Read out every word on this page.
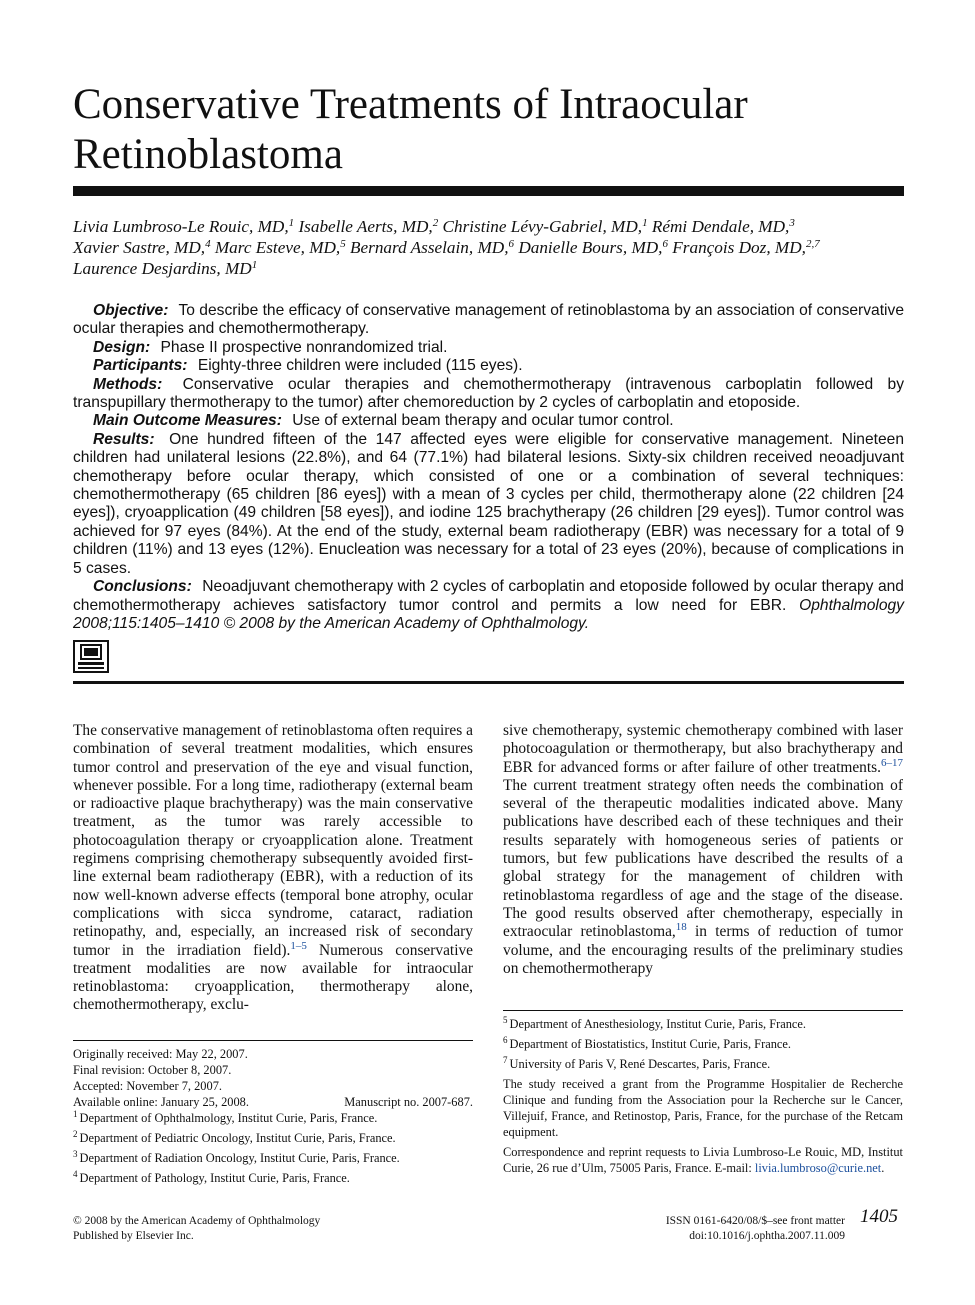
Conservative Treatments of Intraocular Retinoblastoma
Livia Lumbroso-Le Rouic, MD,$^1$ Isabelle Aerts, MD,$^2$ Christine Lévy-Gabriel, MD,$^1$ Rémi Dendale, MD,$^3$
Xavier Sastre, MD,$^4$ Marc Esteve, MD,$^5$ Bernard Asselain, MD,$^6$ Danielle Bours, MD,$^6$ François Doz, MD,$^{2,7}$
Laurence Desjardins, $MD^1$

Objective: To describe the efficacy of conservative management of retinoblastoma by an association of conservative ocular therapies and chemothermotherapy.

Design: Phase II prospective nonrandomized trial.

Participants: Eighty-three children were included (115 eyes).

Methods: Conservative ocular therapies and chemothermotherapy (intravenous carboplatin followed by transpupillary thermotherapy to the tumor) after chemoreduction by 2 cycles of carboplatin and etoposide.

Main Outcome Measures: Use of external beam therapy and ocular tumor control.

Results: One hundred fifteen of the 147 affected eyes were eligible for conservative management. Nineteen children had unilateral lesions (22.8%), and 64 (77.1%) had bilateral lesions. Sixty-six children received neoadjuvant chemotherapy before ocular therapy, which consisted of one or a combination of several techniques: chemothermotherapy (65 children [86 eyes]) with a mean of 3 cycles per child, thermotherapy alone (22 children [24 eyes]), cryoapplication (49 children [58 eyes]), and iodine 125 brachytherapy (26 children [29 eyes]). Tumor control was achieved for 97 eyes (84%). At the end of the study, external beam radiotherapy (EBR) was necessary for a total of 9 children (11%) and 13 eyes (12%). Enucleation was necessary for a total of 23 eyes (20%), because of complications in 5 cases.

Conclusions: Neoadjuvant chemotherapy with 2 cycles of carboplatin and etoposide followed by ocular therapy and chemothermotherapy achieves satisfactory tumor control and permits a low need for EBR. Ophthalmology 2008;115:1405–1410 © 2008 by the American Academy of Ophthalmology.

The conservative management of retinoblastoma often requires a combination of several treatment modalities, which ensures tumor control and preservation of the eye and visual function, whenever possible. For a long time, radiotherapy (external beam or radioactive plaque brachytherapy) was the main conservative treatment, as the tumor was rarely accessible to photocoagulation therapy or cryoapplication alone. Treatment regimens comprising chemotherapy subsequently avoided first-line external beam radiotherapy (EBR), with a reduction of its now well-known adverse effects (temporal bone atrophy, ocular complications with sicca syndrome, cataract, radiation retinopathy, and, especially, an increased risk of secondary tumor in the irradiation field).$^{1-5}$ Numerous conservative treatment modalities are now available for intraocular retinoblastoma: cryoapplication, thermotherapy alone, chemothermotherapy, exclu-

sive chemotherapy, systemic chemotherapy combined with laser photocoagulation or thermotherapy, but also brachytherapy and EBR for advanced forms or after failure of other treatments.$^{6-17}$ The current treatment strategy often needs the combination of several of the therapeutic modalities indicated above. Many publications have described each of these techniques and their results separately with homogeneous series of patients or tumors, but few publications have described the results of a global strategy for the management of children with retinoblastoma regardless of age and the stage of the disease. The good results observed after chemotherapy, especially in extraocular retinoblastoma,$^{18}$ in terms of reduction of tumor volume, and the encouraging results of the preliminary studies on chemothermotherapy

Originally received: May 22, 2007.
Final revision: October 8, 2007.
Accepted: November 7, 2007.
Available online: January 25, 2008.	Manuscript no. 2007-687.

$^1$ Department of Ophthalmology, Institut Curie, Paris, France.

$^2$ Department of Pediatric Oncology, Institut Curie, Paris, France.

$^3$ Department of Radiation Oncology, Institut Curie, Paris, France.

$^4$ Department of Pathology, Institut Curie, Paris, France.

$^5$ Department of Anesthesiology, Institut Curie, Paris, France.

$^6$ Department of Biostatistics, Institut Curie, Paris, France.

$^7$ University of Paris V, René Descartes, Paris, France.

The study received a grant from the Programme Hospitalier de Recherche Clinique and funding from the Association pour la Recherche sur le Cancer, Villejuif, France, and Retinostop, Paris, France, for the purchase of the Retcam equipment.

Correspondence and reprint requests to Livia Lumbroso-Le Rouic, MD, Institut Curie, 26 rue d’Ulm, 75005 Paris, France. E-mail: livia.lumbroso@curie.net.

© 2008 by the American Academy of Ophthalmology
Published by Elsevier Inc.
ISSN 0161-6420/08/$–see front matter
doi:10.1016/j.ophtha.2007.11.009
1405
